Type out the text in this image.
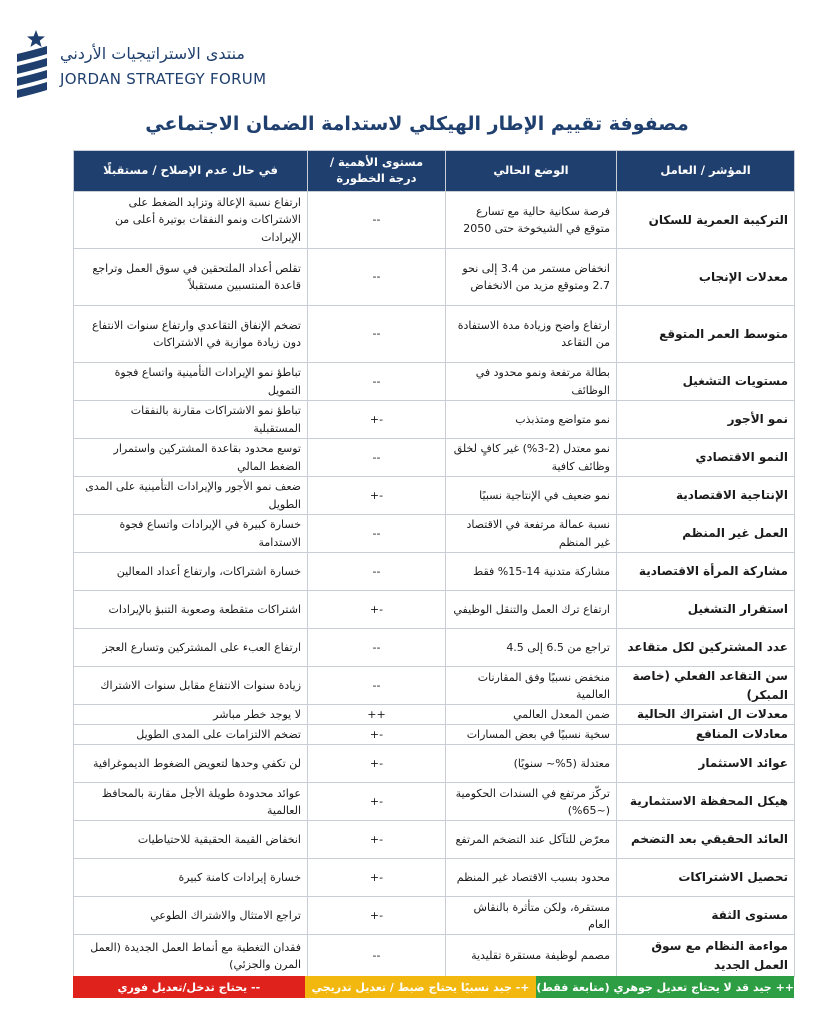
منتدى الاستراتيجيات الأردني
JORDAN STRATEGY FORUM
مصفوفة تقييم الإطار الهيكلي لاستدامة الضمان الاجتماعي
المؤشر / العامل	الوضع الحالي	مستوى الأهمية / درجة الخطورة	في حال عدم الإصلاح / مستقبلًا
التركيبة العمرية للسكان	فرصة سكانية حالية مع تسارع متوقع في الشيخوخة حتى 2050	--	ارتفاع نسبة الإعالة وتزايد الضغط على الاشتراكات ونمو النفقات بوتيرة أعلى من الإيرادات
معدلات الإنجاب	انخفاض مستمر من 3.4 إلى نحو 2.7 ومتوقع مزيد من الانخفاض	--	تقلص أعداد الملتحقين في سوق العمل وتراجع قاعدة المنتسبين مستقبلاً
متوسط العمر المتوقع	ارتفاع واضح وزيادة مدة الاستفادة من التقاعد	--	تضخم الإنفاق التقاعدي وارتفاع سنوات الانتفاع دون زيادة موازية في الاشتراكات
مستويات التشغيل	بطالة مرتفعة ونمو محدود في الوظائف	--	تباطؤ نمو الإيرادات التأمينية واتساع فجوة التمويل
نمو الأجور	نمو متواضع ومتذبذب	+-	تباطؤ نمو الاشتراكات مقارنة بالنفقات المستقبلية
النمو الاقتصادي	نمو معتدل (2-3%) غير كافٍ لخلق وظائف كافية	--	توسع محدود بقاعدة المشتركين واستمرار الضغط المالي
الإنتاجية الاقتصادية	نمو ضعيف في الإنتاجية نسبيًا	+-	ضعف نمو الأجور والإيرادات التأمينية على المدى الطويل
العمل غير المنظم	نسبة عمالة مرتفعة في الاقتصاد غير المنظم	--	خسارة كبيرة في الإيرادات واتساع فجوة الاستدامة
مشاركة المرأة الاقتصادية	مشاركة متدنية 14-15% فقط	--	خسارة اشتراكات، وارتفاع أعداد المعالين
استقرار التشغيل	ارتفاع ترك العمل والتنقل الوظيفي	+-	اشتراكات متقطعة وصعوبة التنبؤ بالإيرادات
عدد المشتركين لكل متقاعد	تراجع من 6.5 إلى 4.5	--	ارتفاع العبء على المشتركين وتسارع العجز
سن التقاعد الفعلي (خاصة المبكر)	منخفض نسبيًا وفق المقارنات العالمية	--	زيادة سنوات الانتفاع مقابل سنوات الاشتراك
معدلات ال اشتراك الحالية	ضمن المعدل العالمي	++	لا يوجد خطر مباشر
معادلات المنافع	سخية نسبيًا في بعض المسارات	+-	تضخم الالتزامات على المدى الطويل
عوائد الاستثمار	معتدلة (5%~ سنويًا)	+-	لن تكفي وحدها لتعويض الضغوط الديموغرافية
هيكل المحفظة الاستثمارية	تركّز مرتفع في السندات الحكومية (~65%)	+-	عوائد محدودة طويلة الأجل مقارنة بالمحافظ العالمية
العائد الحقيقي بعد التضخم	معرّض للتآكل عند التضخم المرتفع	+-	انخفاض القيمة الحقيقية للاحتياطيات
تحصيل الاشتراكات	محدود بسبب الاقتصاد غير المنظم	+-	خسارة إيرادات كامنة كبيرة
مستوى الثقة	مستقرة، ولكن متأثرة بالنقاش العام	+-	تراجع الامتثال والاشتراك الطوعي
مواءمة النظام مع سوق العمل الجديد	مصمم لوظيفة مستقرة تقليدية	--	فقدان التغطية مع أنماط العمل الجديدة (العمل المرن والجزئي)
++ جيد قد لا يحتاج تعديل جوهري (متابعة فقط)
+- جيد نسبيًا يحتاج ضبط / تعديل تدريجي
-- يحتاج تدخل/تعديل فوري
